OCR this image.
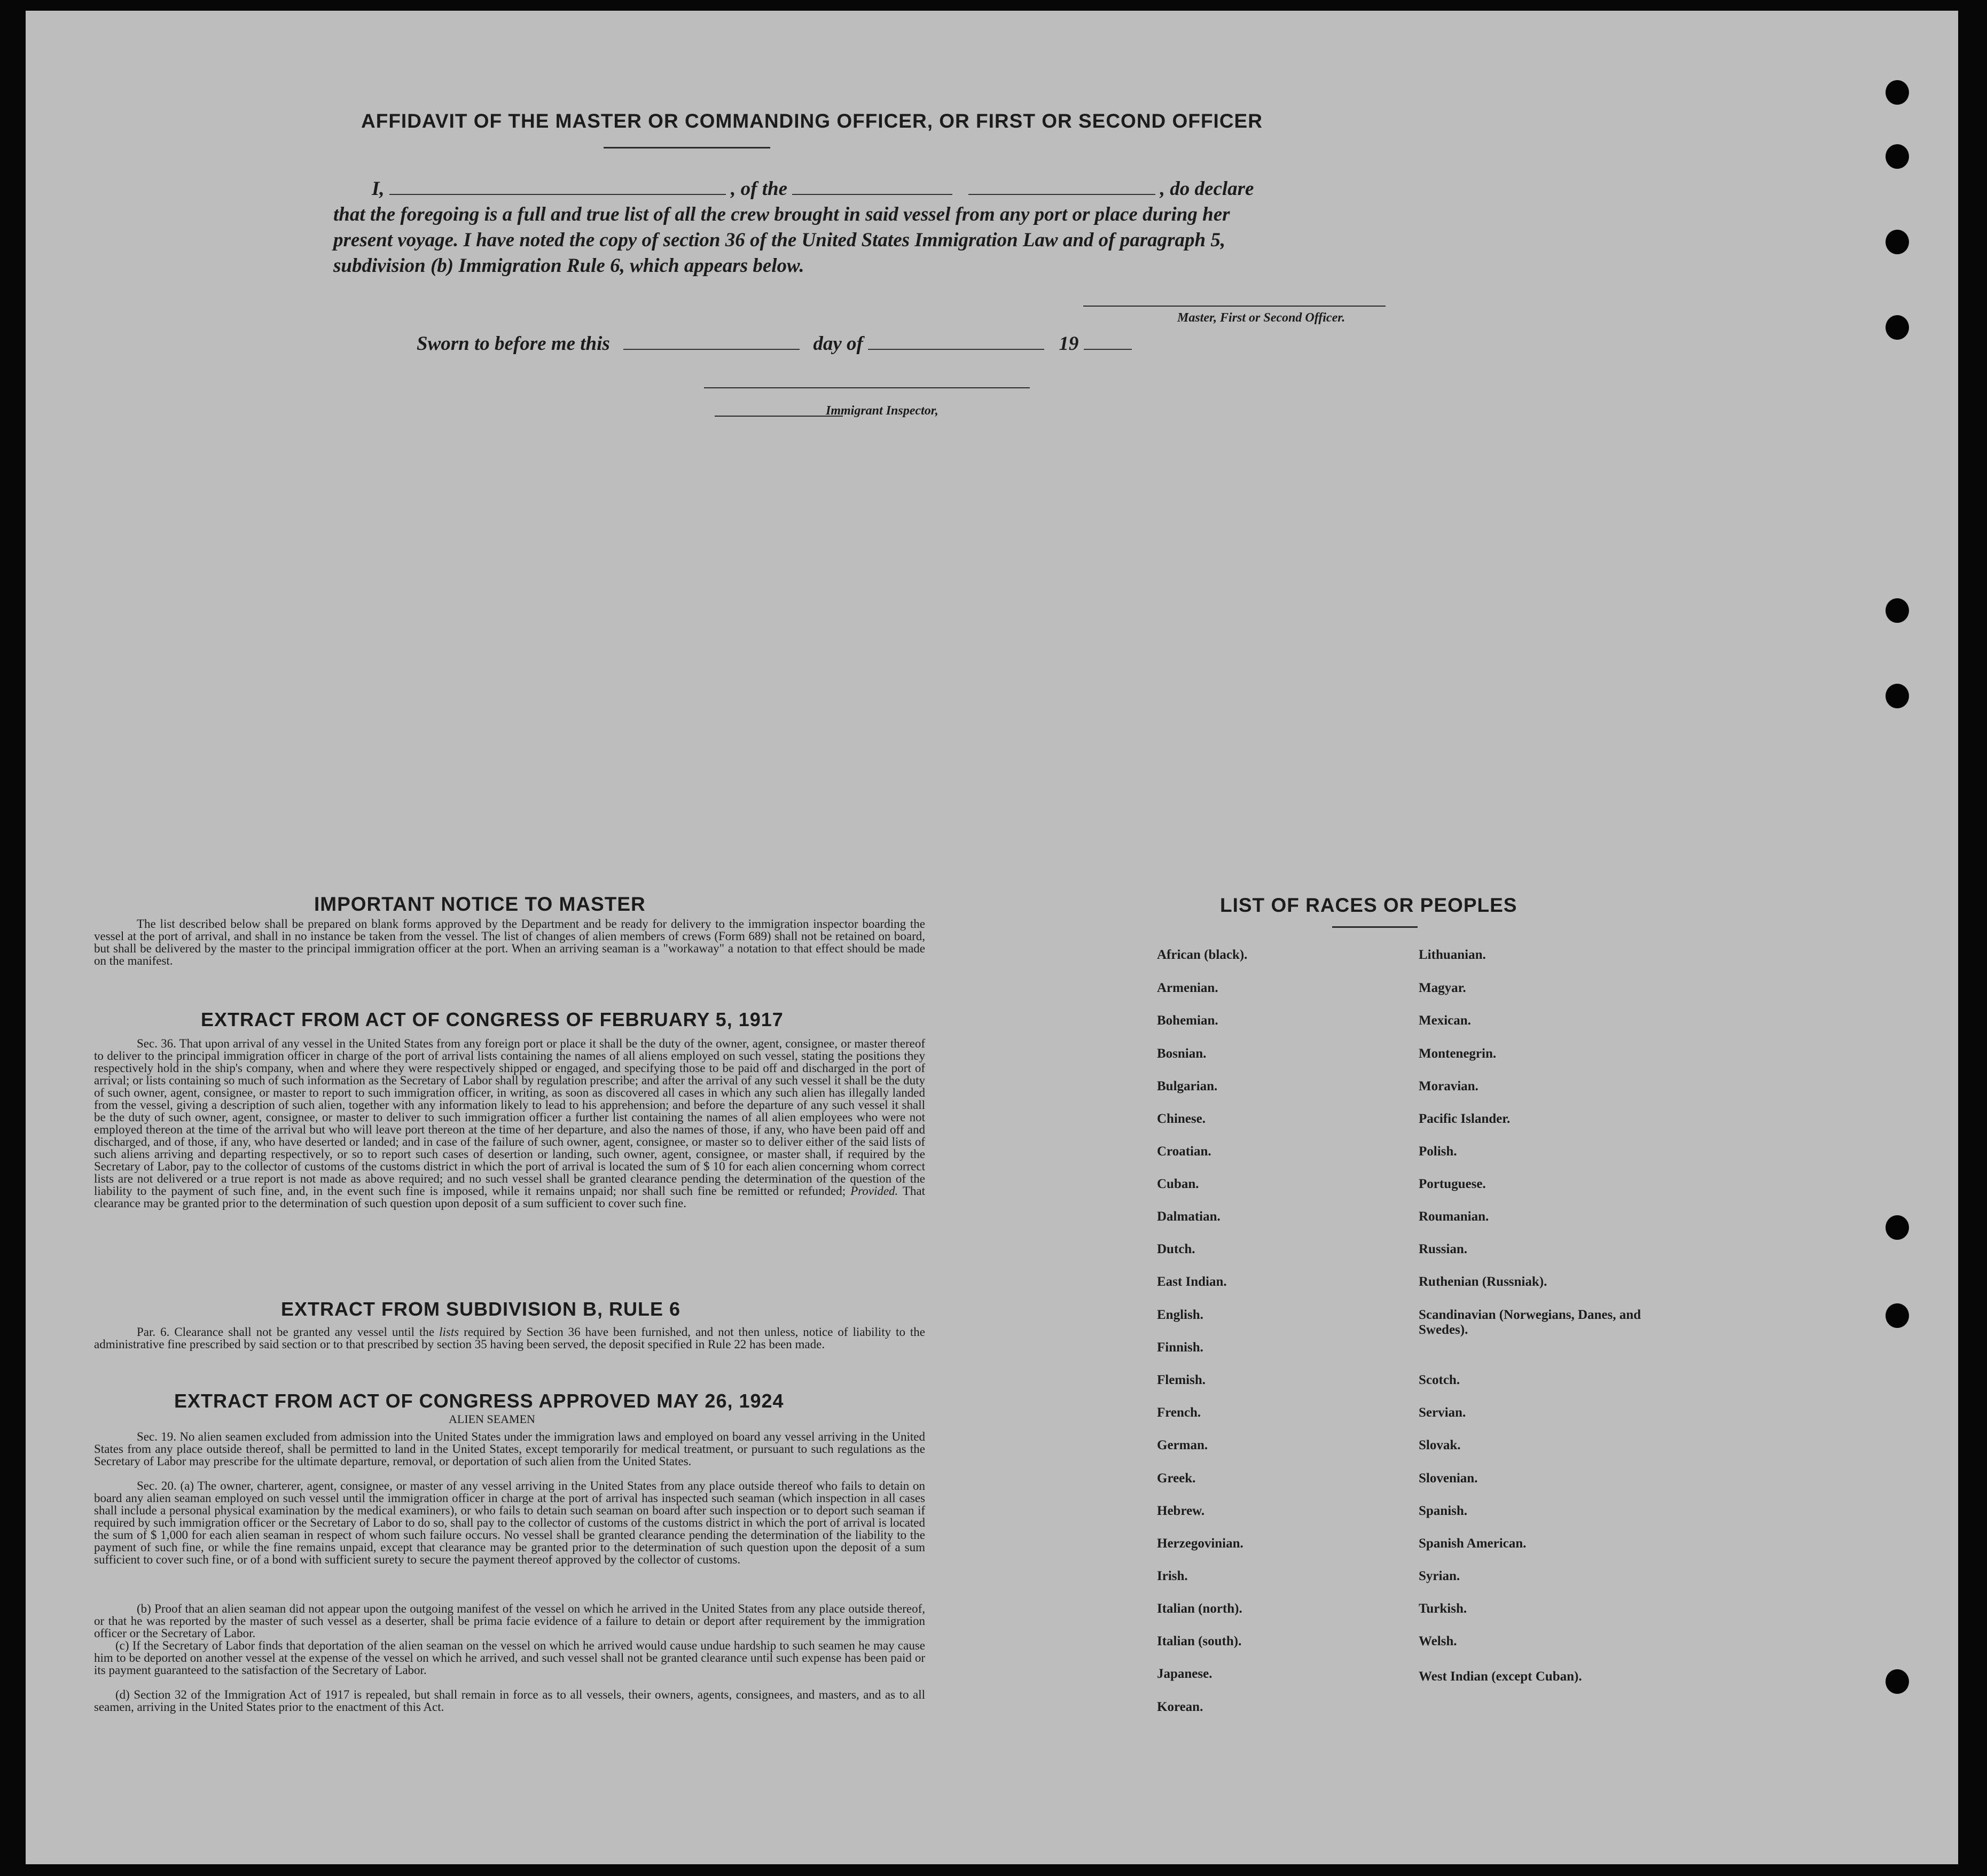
AFFIDAVIT OF THE MASTER OR COMMANDING OFFICER, OR FIRST OR SECOND OFFICER
I,	, of the	, do declare
that the foregoing is a full and true list of all the crew brought in said vessel from any port or place during her
present voyage. I have noted the copy of section 36 of the United States Immigration Law and of paragraph 5,
subdivision (b) Immigration Rule 6, which appears below.
Master, First or Second Officer.
Sworn to before me this	day of	19
Immigrant Inspector,
IMPORTANT NOTICE TO MASTER

The list described below shall be prepared on blank forms approved by the Department and be ready for delivery to the immigration inspector boarding the vessel at the port of arrival, and shall in no instance be taken from the vessel. The list of changes of alien members of crews (Form 689) shall not be retained on board, but shall be delivered by the master to the principal immigration officer at the port. When an arriving seaman is a "workaway" a notation to that effect should be made on the manifest.

EXTRACT FROM ACT OF CONGRESS OF FEBRUARY 5, 1917

Sec. 36. That upon arrival of any vessel in the United States from any foreign port or place it shall be the duty of the owner, agent, consignee, or master thereof to deliver to the principal immigration officer in charge of the port of arrival lists containing the names of all aliens employed on such vessel, stating the positions they respectively hold in the ship's company, when and where they were respectively shipped or engaged, and specifying those to be paid off and discharged in the port of arrival; or lists containing so much of such information as the Secretary of Labor shall by regulation prescribe; and after the arrival of any such vessel it shall be the duty of such owner, agent, consignee, or master to report to such immigration officer, in writing, as soon as discovered all cases in which any such alien has illegally landed from the vessel, giving a description of such alien, together with any information likely to lead to his apprehension; and before the departure of any such vessel it shall be the duty of such owner, agent, consignee, or master to deliver to such immigration officer a further list containing the names of all alien employees who were not employed thereon at the time of the arrival but who will leave port thereon at the time of her departure, and also the names of those, if any, who have been paid off and discharged, and of those, if any, who have deserted or landed; and in case of the failure of such owner, agent, consignee, or master so to deliver either of the said lists of such aliens arriving and departing respectively, or so to report such cases of desertion or landing, such owner, agent, consignee, or master shall, if required by the Secretary of Labor, pay to the collector of customs of the customs district in which the port of arrival is located the sum of $ 10 for each alien concerning whom correct lists are not delivered or a true report is not made as above required; and no such vessel shall be granted clearance pending the determination of the question of the liability to the payment of such fine, and, in the event such fine is imposed, while it remains unpaid; nor shall such fine be remitted or refunded; Provided. That clearance may be granted prior to the determination of such question upon deposit of a sum sufficient to cover such fine.

EXTRACT FROM SUBDIVISION B, RULE 6

Par. 6. Clearance shall not be granted any vessel until the lists required by Section 36 have been furnished, and not then unless, notice of liability to the administrative fine prescribed by said section or to that prescribed by section 35 having been served, the deposit specified in Rule 22 has been made.

EXTRACT FROM ACT OF CONGRESS APPROVED MAY 26, 1924
ALIEN SEAMEN

Sec. 19. No alien seamen excluded from admission into the United States under the immigration laws and employed on board any vessel arriving in the United States from any place outside thereof, shall be permitted to land in the United States, except temporarily for medical treatment, or pursuant to such regulations as the Secretary of Labor may prescribe for the ultimate departure, removal, or deportation of such alien from the United States.

Sec. 20. (a) The owner, charterer, agent, consignee, or master of any vessel arriving in the United States from any place outside thereof who fails to detain on board any alien seaman employed on such vessel until the immigration officer in charge at the port of arrival has inspected such seaman (which inspection in all cases shall include a personal physical examination by the medical examiners), or who fails to detain such seaman on board after such inspection or to deport such seaman if required by such immigration officer or the Secretary of Labor to do so, shall pay to the collector of customs of the customs district in which the port of arrival is located the sum of $ 1,000 for each alien seaman in respect of whom such failure occurs. No vessel shall be granted clearance pending the determination of the liability to the payment of such fine, or while the fine remains unpaid, except that clearance may be granted prior to the determination of such question upon the deposit of a sum sufficient to cover such fine, or of a bond with sufficient surety to secure the payment thereof approved by the collector of customs.

(b) Proof that an alien seaman did not appear upon the outgoing manifest of the vessel on which he arrived in the United States from any place outside thereof, or that he was reported by the master of such vessel as a deserter, shall be prima facie evidence of a failure to detain or deport after requirement by the immigration officer or the Secretary of Labor.

(c) If the Secretary of Labor finds that deportation of the alien seaman on the vessel on which he arrived would cause undue hardship to such seamen he may cause him to be deported on another vessel at the expense of the vessel on which he arrived, and such vessel shall not be granted clearance until such expense has been paid or its payment guaranteed to the satisfaction of the Secretary of Labor.

(d) Section 32 of the Immigration Act of 1917 is repealed, but shall remain in force as to all vessels, their owners, agents, consignees, and masters, and as to all seamen, arriving in the United States prior to the enactment of this Act.

LIST OF RACES OR PEOPLES
African (black).
Armenian.
Bohemian.
Bosnian.
Bulgarian.
Chinese.
Croatian.
Cuban.
Dalmatian.
Dutch.
East Indian.
English.
Finnish.
Flemish.
French.
German.
Greek.
Hebrew.
Herzegovinian.
Irish.
Italian (north).
Italian (south).
Japanese.
Korean.
Lithuanian.
Magyar.
Mexican.
Montenegrin.
Moravian.
Pacific Islander.
Polish.
Portuguese.
Roumanian.
Russian.
Ruthenian (Russniak).
Scandinavian (Norwegians, Danes, and Swedes).
Scotch.
Servian.
Slovak.
Slovenian.
Spanish.
Spanish American.
Syrian.
Turkish.
Welsh.
West Indian (except Cuban).
